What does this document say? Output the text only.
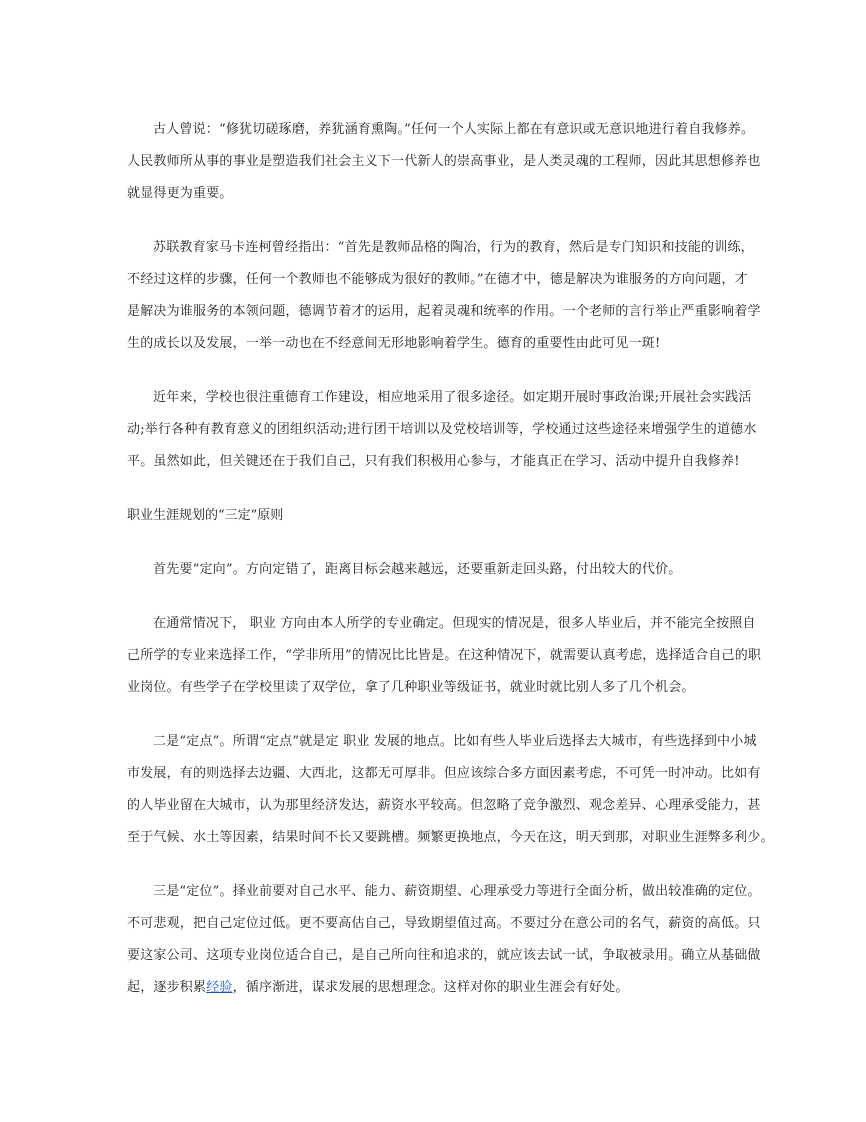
古人曾说：“修犹切磋琢磨，养犹涵育熏陶。”任何一个人实际上都在有意识或无意识地进行着自我修养。
人民教师所从事的事业是塑造我们社会主义下一代新人的崇高事业，是人类灵魂的工程师，因此其思想修养也
就显得更为重要。

苏联教育家马卡连柯曾经指出：“首先是教师品格的陶冶，行为的教育，然后是专门知识和技能的训练，
不经过这样的步骤，任何一个教师也不能够成为很好的教师。”在德才中，德是解决为谁服务的方向问题，才
是解决为谁服务的本领问题，德调节着才的运用，起着灵魂和统率的作用。一个老师的言行举止严重影响着学
生的成长以及发展，一举一动也在不经意间无形地影响着学生。德育的重要性由此可见一斑!

近年来，学校也很注重德育工作建设，相应地采用了很多途径。如定期开展时事政治课;开展社会实践活
动;举行各种有教育意义的团组织活动;进行团干培训以及党校培训等，学校通过这些途径来增强学生的道德水
平。虽然如此，但关键还在于我们自己，只有我们积极用心参与，才能真正在学习、活动中提升自我修养!

职业生涯规划的“三定”原则

首先要“定向”。方向定错了，距离目标会越来越远，还要重新走回头路，付出较大的代价。

在通常情况下， 职业 方向由本人所学的专业确定。但现实的情况是，很多人毕业后，并不能完全按照自
己所学的专业来选择工作，“学非所用”的情况比比皆是。在这种情况下，就需要认真考虑，选择适合自己的职
业岗位。有些学子在学校里读了双学位，拿了几种职业等级证书，就业时就比别人多了几个机会。

二是“定点”。所谓“定点”就是定 职业 发展的地点。比如有些人毕业后选择去大城市，有些选择到中小城
市发展，有的则选择去边疆、大西北，这都无可厚非。但应该综合多方面因素考虑，不可凭一时冲动。比如有
的人毕业留在大城市，认为那里经济发达，薪资水平较高。但忽略了竞争激烈、观念差异、心理承受能力，甚
至于气候、水土等因素，结果时间不长又要跳槽。频繁更换地点，今天在这，明天到那，对职业生涯弊多利少。

三是“定位”。择业前要对自己水平、能力、薪资期望、心理承受力等进行全面分析，做出较准确的定位。
不可悲观，把自己定位过低。更不要高估自己，导致期望值过高。不要过分在意公司的名气，薪资的高低。只
要这家公司、这项专业岗位适合自己，是自己所向往和追求的，就应该去试一试，争取被录用。确立从基础做
起，逐步积累经验，循序渐进，谋求发展的思想理念。这样对你的职业生涯会有好处。
